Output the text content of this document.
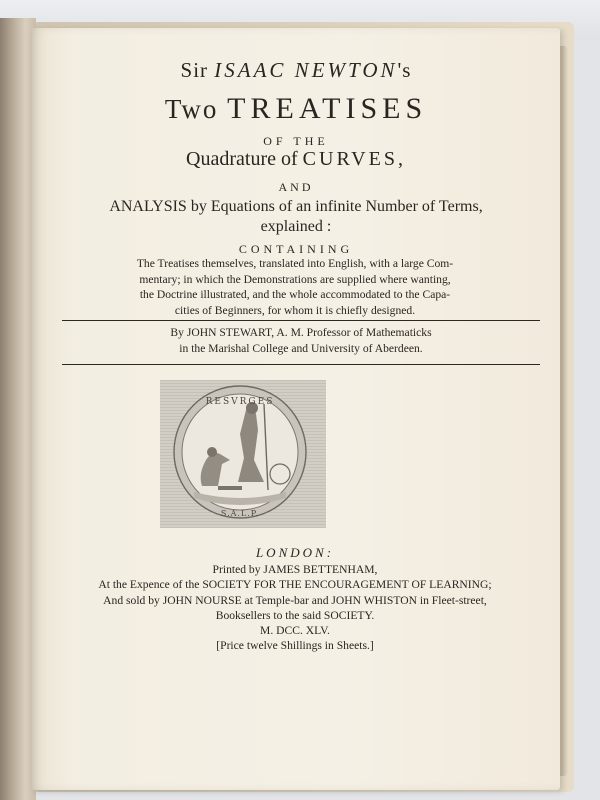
Sir ISAAC NEWTON's
Two TREATISES
OF THE
Quadrature of CURVES,
AND
ANALYSIS by Equations of an infinite Number of Terms,
explained :
CONTAINING
The Treatises themselves, translated into English, with a large Com-
mentary; in which the Demonstrations are supplied where wanting,
the Doctrine illustrated, and the whole accommodated to the Capa-
cities of Beginners, for whom it is chiefly designed.
By JOHN STEWART, A. M. Professor of Mathematicks
in the Marishal College and University of Aberdeen.
RESVRGES
S.A.L.P.
LONDON:
Printed by JAMES BETTENHAM,
At the Expence of the SOCIETY FOR THE ENCOURAGEMENT OF LEARNING;
And sold by JOHN NOURSE at Temple-bar and JOHN WHISTON in Fleet-street,
Booksellers to the said SOCIETY.
M. DCC. XLV.
[Price twelve Shillings in Sheets.]
